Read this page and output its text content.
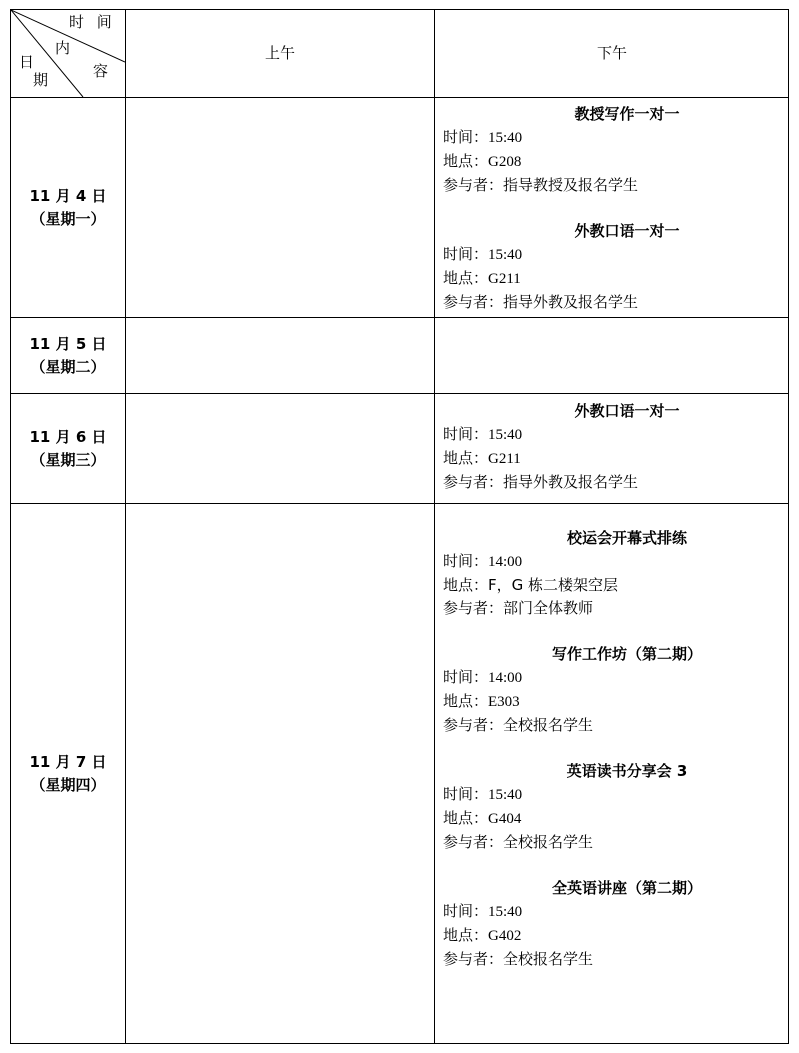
时 间
内
容
日
期
上午	下午
11 月 4 日
（星期一）
教授写作一对一
时间：15:40
地点：G208
参与者：指导教授及报名学生
外教口语一对一
时间：15:40
地点：G211
参与者：指导外教及报名学生
11 月 5 日
（星期二）
11 月 6 日
（星期三）
外教口语一对一
时间：15:40
地点：G211
参与者：指导外教及报名学生
11 月 7 日
（星期四）
校运会开幕式排练
时间：14:00
地点：F，G 栋二楼架空层
参与者：部门全体教师
写作工作坊（第二期）
时间：14:00
地点：E303
参与者：全校报名学生
英语读书分享会 3
时间：15:40
地点：G404
参与者：全校报名学生
全英语讲座（第二期）
时间：15:40
地点：G402
参与者：全校报名学生
